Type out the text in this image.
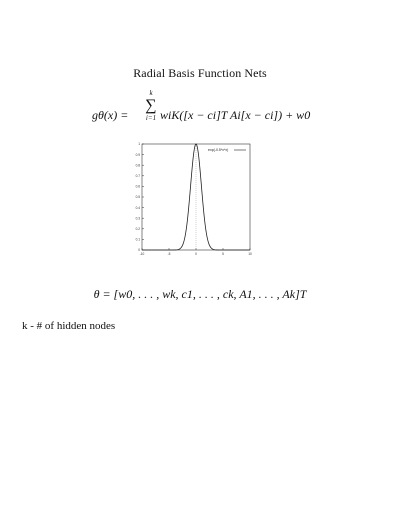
Radial Basis Function Nets
gθ(x) =
k
∑
i=1 wiK([x − ci]T Ai[x − ci]) + w0
0
0.1
0.2
0.3
0.4
0.5
0.6
0.7
0.8
0.9
1
-10	-5	0	5	10
exp(-0.5*x*x)
θ = [w0, . . . , wk, c1, . . . , ck, A1, . . . , Ak]T
k - # of hidden nodes
